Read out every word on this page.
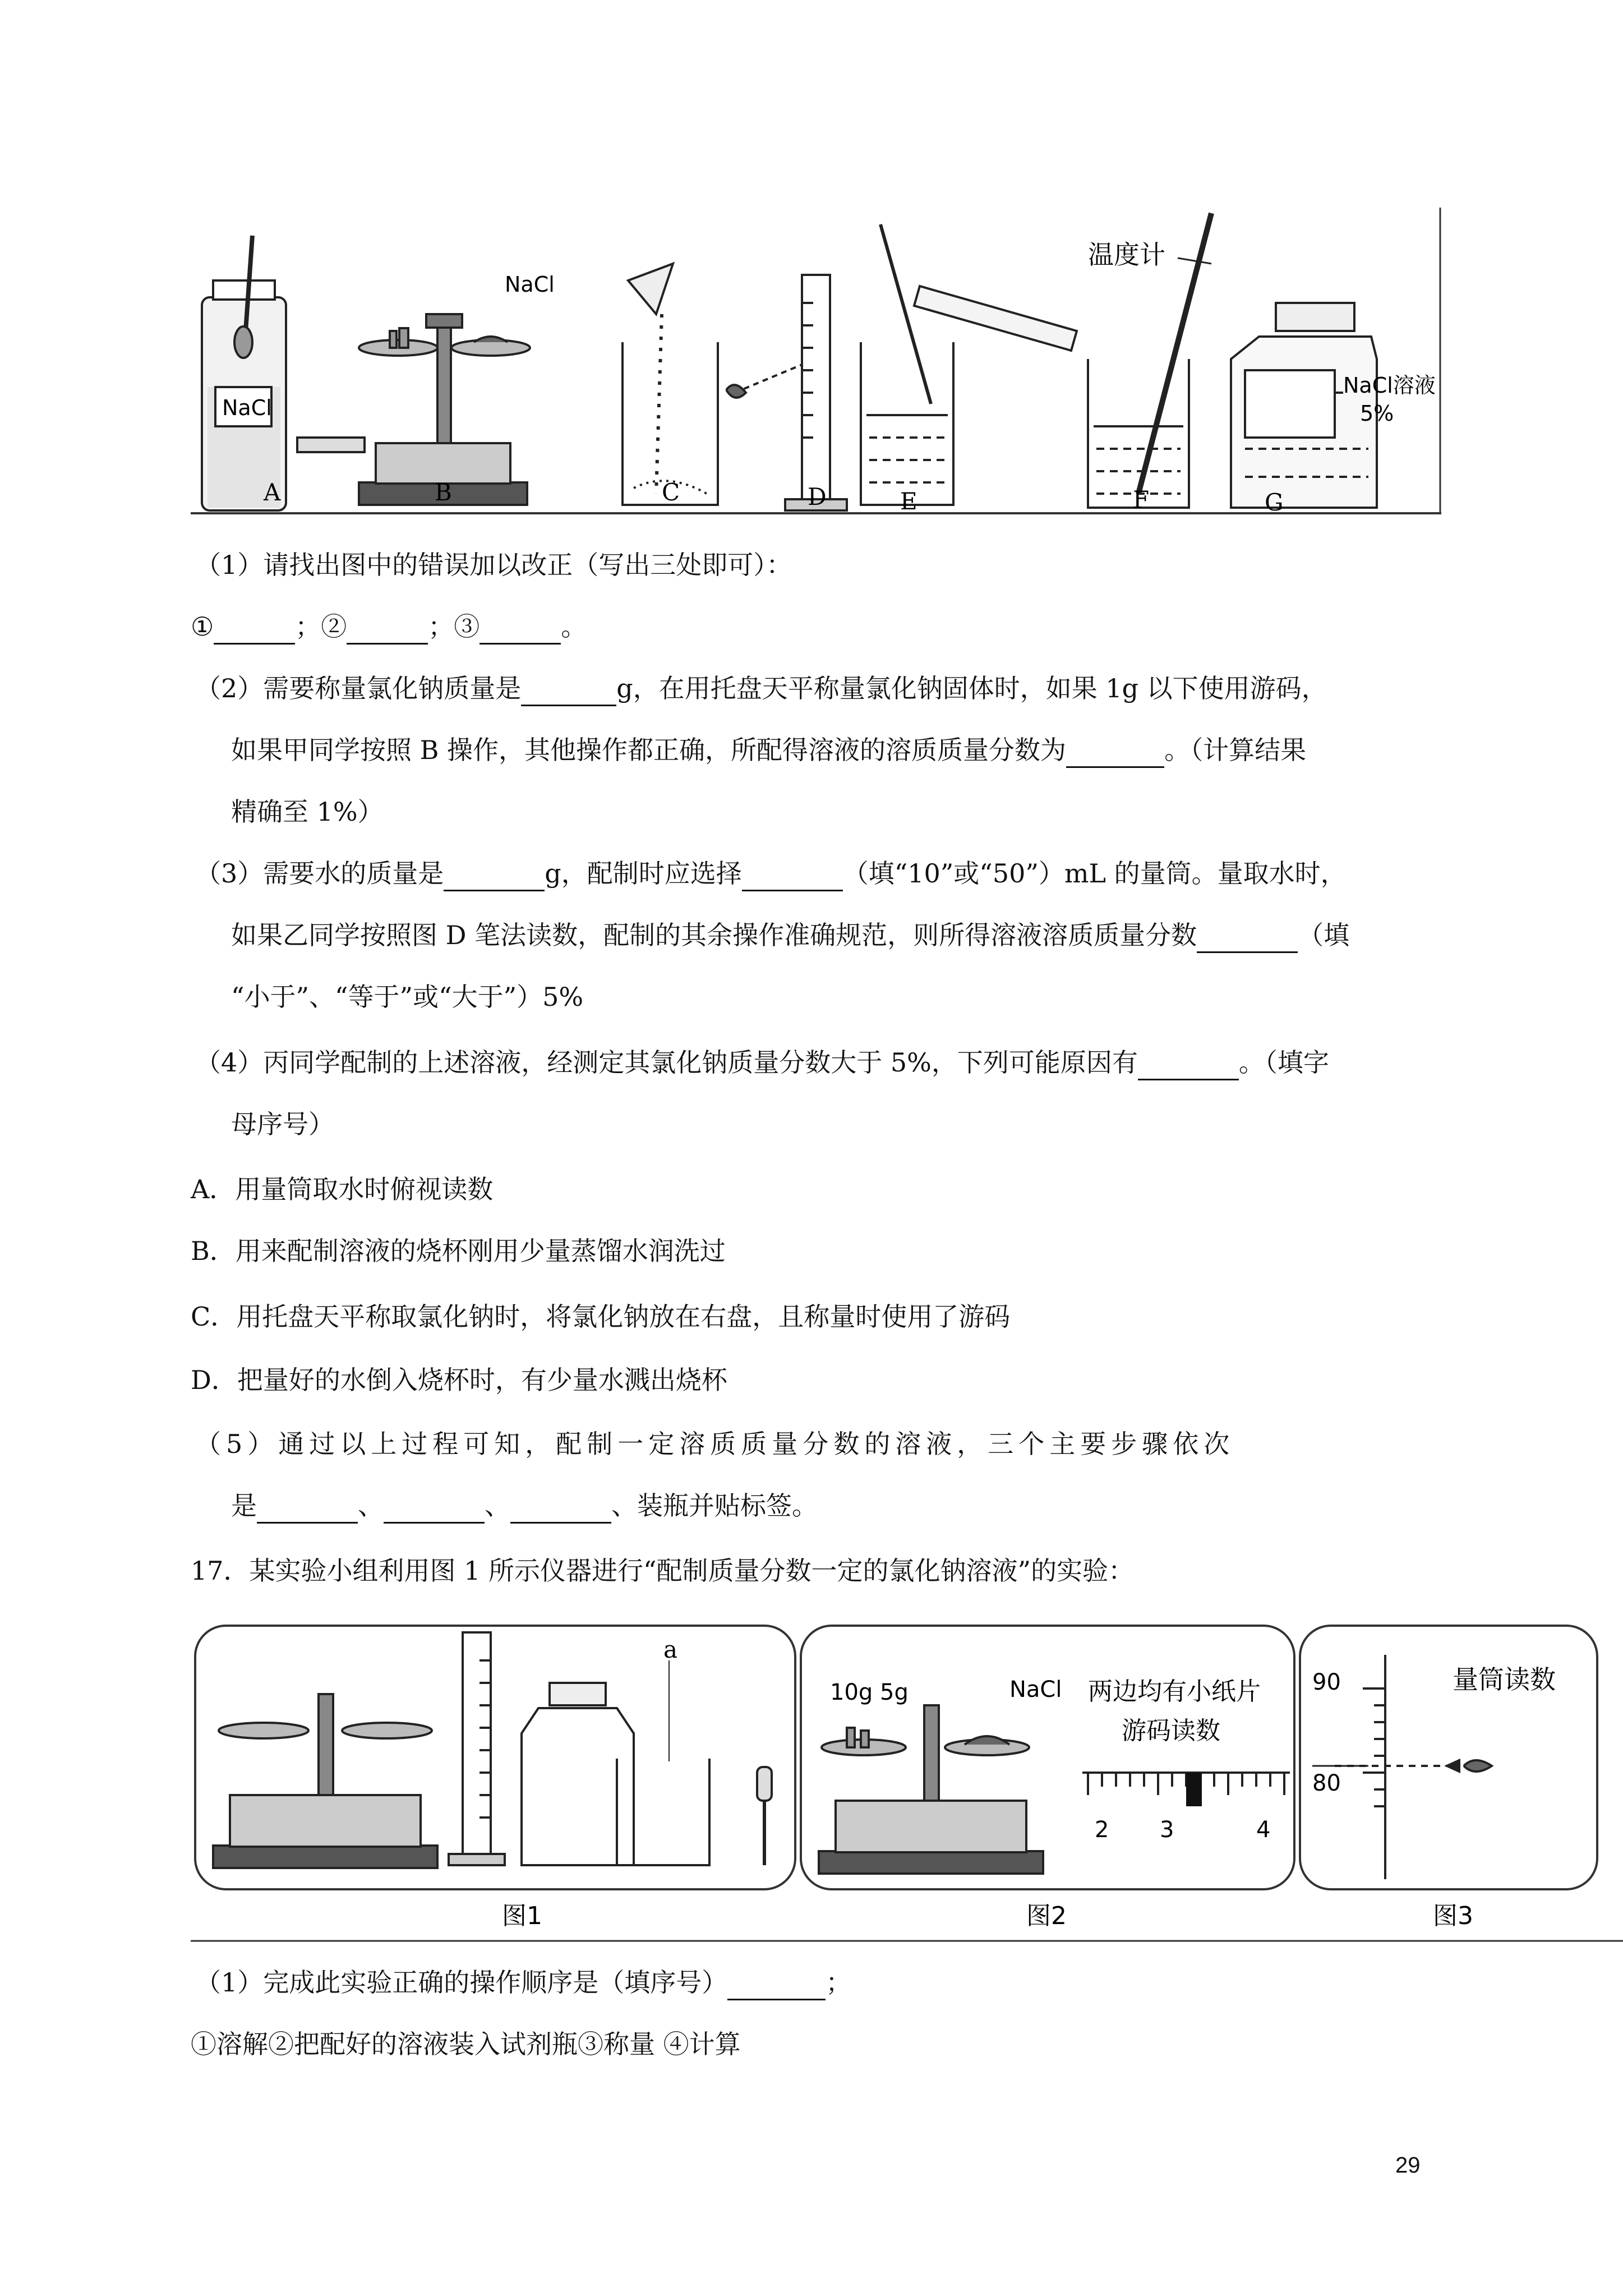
NaCl
NaCl
温度计
NaCl溶液
5%
A	B	C	D	E	F	G
（1）请找出图中的错误加以改正（写出三处即可）：
①	；②	；③	。
（2）需要称量氯化钠质量是	g，在用托盘天平称量氯化钠固体时，如果 1g 以下使用游码，
如果甲同学按照 B 操作，其他操作都正确，所配得溶液的溶质质量分数为	。（计算结果
精确至 1%）
（3）需要水的质量是	g，配制时应选择	（填“10”或“50”）mL 的量筒。量取水时，
如果乙同学按照图 D 笔法读数，配制的其余操作准确规范，则所得溶液溶质质量分数	（填
“小于”、“等于”或“大于”）5%
（4）丙同学配制的上述溶液，经测定其氯化钠质量分数大于 5%，下列可能原因有	。（填字
母序号）
A．用量筒取水时俯视读数
B．用来配制溶液的烧杯刚用少量蒸馏水润洗过
C．用托盘天平称取氯化钠时，将氯化钠放在右盘，且称量时使用了游码
D．把量好的水倒入烧杯时，有少量水溅出烧杯
（5）通过以上过程可知，配制一定溶质质量分数的溶液，三个主要步骤依次
是	、	、	、装瓶并贴标签。
17．某实验小组利用图 1 所示仪器进行“配制质量分数一定的氯化钠溶液”的实验：
a
10g 5g	NaCl 两边均有小纸片
游码读数
2 3	4
90
80
量筒读数
图1	图2	图3
（1）完成此实验正确的操作顺序是（填序号）	；
①溶解②把配好的溶液装入试剂瓶③称量 ④计算
29
